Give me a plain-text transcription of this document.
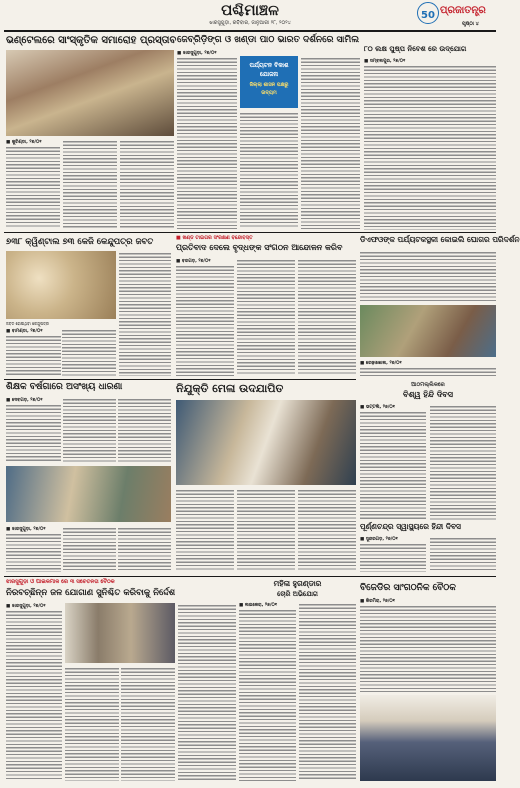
ପଶ୍ଚିମାଞ୍ଚଳ
ଝାରସୁଗୁଡ଼ା, ରବିବାର, ଜାନୁଆରୀ ୨୮, ୨୦୨୪
50 ପ୍ରଜାତନ୍ତ୍ର
ପୃଷ୍ଠା ୪
ଭଣ୍ଟେଲରେ ସାଂସ୍କୃତିକ ସମାରୋହ ପ୍ରସ୍ତାବ
■ କୁଚିଣ୍ଡା, ୨୭/୦୧
ଜେବ୍ରିଡ଼ିଙ୍ଗ ଓ ଖଣ୍ଡା ପାଠ ଭାରତ ଦର୍ଶନରେ ସାମିଲ
■ ଝାରସୁଗୁଡ଼ା, ୨୭/୦୧
ପର୍ଯ୍ୟଟନ ବିକାଶ
ଯୋଜନା
ଜିଲ୍ଲା ଶାସନ ପକ୍ଷରୁ
ଉଦ୍ୟମ
୮୦ ଲକ୍ଷ ପୁଷ୍ପ ନିବେଶ ରେ ଉଦ୍‌ଯୋଗ
■ ସମ୍ବଲପୁର, ୨୭/୦୧
୭୩୮ କ୍ୱିଣ୍ଟାଲ ୭୩ କେଜି କେନ୍ଦୁପତ୍ର ଜବତ
ଜବତ ହୋଇଥିବା କେନ୍ଦୁପତ୍ର
■ ବାମଣ୍ଡା, ୨୭/୦୧
■ ଖଣ୍ଡ ଟାଇଗର ସଂରକ୍ଷଣ ବନ୍ଦୋବସ୍ତ
ପ୍ରତିବାଦ ଦେଲେ ବୃଦ୍ଧଙ୍କ ସଂଗଠନ ଆନ୍ଦୋଳନ କରିବ
■ ବରଗଡ଼, ୨୭/୦୧
ଡିଏଫଓଙ୍କ ପର୍ଯ୍ୟଟକସ୍ଥଳୀ କୋଇଲି ଘୋଗର ପରିଦର୍ଶନ
■ ରେଢ଼ାଖୋଲ, ୨୭/୦୧
ଶିକ୍ଷକ ବର୍ଷଗାରେ ଅସଂଖ୍ୟ ଧାରଣା
■ ଦେବଗଡ଼, ୨୭/୦୧
ନିଯୁକ୍ତି ମେଳା ଉଦଯାପିତ
■ ଝାରସୁଗୁଡ଼ା, ୨୭/୦୧
ଆଠମଲ୍ଲିକରେ
ବିଶ୍ୱ ହିନ୍ଦି ଦିବସ
■ ଭଟ୍ଟଲି, ୨୭/୦୧
ପୂର୍ଣ୍ଣଚନ୍ଦ୍ର ସ୍ୱାସ୍ଥ୍ୟରେ ହିନ୍ଦୀ ଦିବସ
■ ସୁନ୍ଦରଗଡ଼, ୨୭/୦୧
ଝାରସୁଗୁଡ଼ା ଓ ପାଇକମାଳ ରେ ୩ ସଚେତନତା ବୈଠକ
ନିରବଚ୍ଛିନ୍ନ ଜଳ ଯୋଗାଣ ସୁନିଶ୍ଚିତ କରିବାକୁ ନିର୍ଦ୍ଦେଶ
■ ଝାରସୁଗୁଡ଼ା, ୨୭/୦୧
ମହିଳା ହୁଗଣ୍ଡାର
ଚୋରି ଅଭିଯୋଗ
■ ଲଇକେରା, ୨୭/୦୧
ବିଜେଡିର ସାଂଗଠନିକ ବୈଠକ
■ କିରମିରା, ୨୭/୦୧
